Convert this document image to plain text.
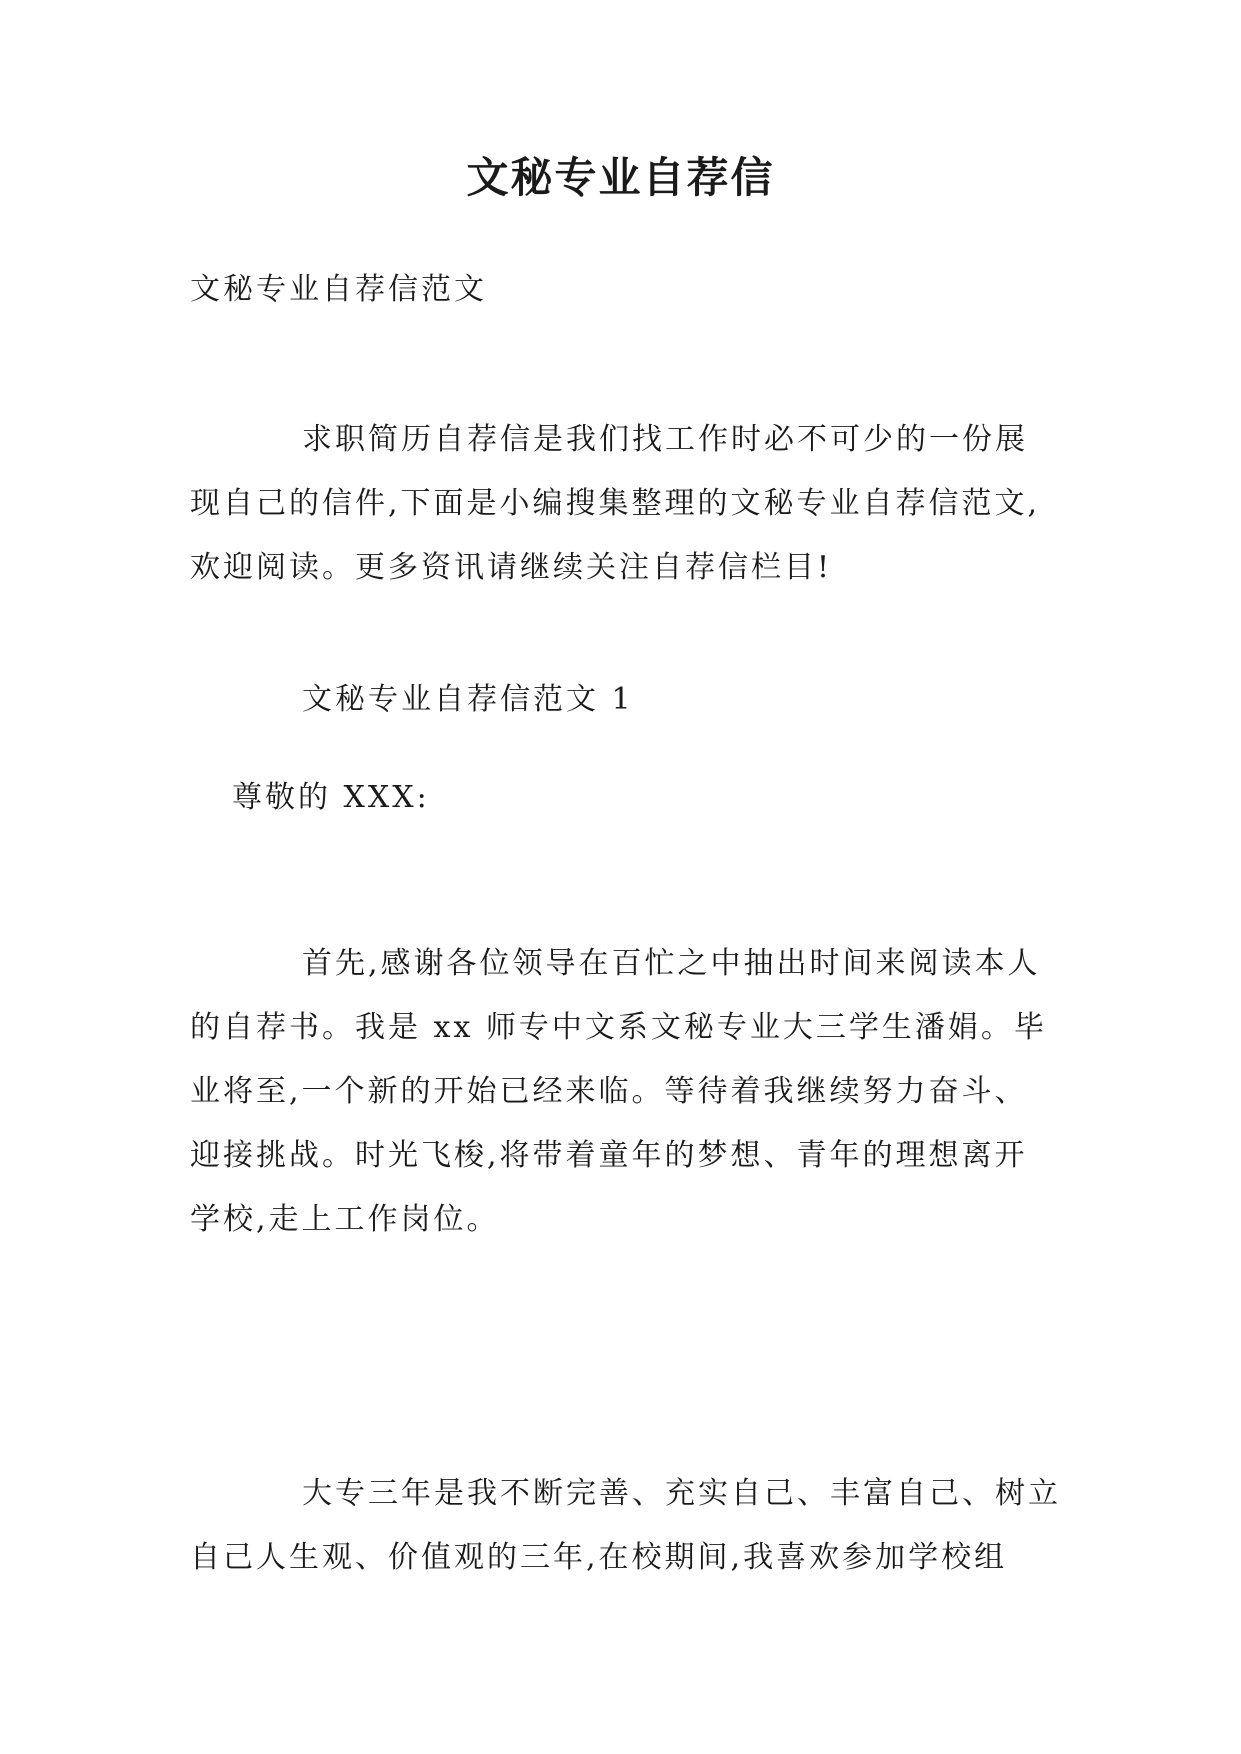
文秘专业自荐信
文秘专业自荐信范文
求职简历自荐信是我们找工作时必不可少的一份展
现自己的信件,下面是小编搜集整理的文秘专业自荐信范文,
欢迎阅读。更多资讯请继续关注自荐信栏目!
文秘专业自荐信范文 1
尊敬的 XXX:
首先,感谢各位领导在百忙之中抽出时间来阅读本人
的自荐书。我是 xx 师专中文系文秘专业大三学生潘娟。毕
业将至,一个新的开始已经来临。等待着我继续努力奋斗、
迎接挑战。时光飞梭,将带着童年的梦想、青年的理想离开
学校,走上工作岗位。
大专三年是我不断完善、充实自己、丰富自己、树立
自己人生观、价值观的三年,在校期间,我喜欢参加学校组
